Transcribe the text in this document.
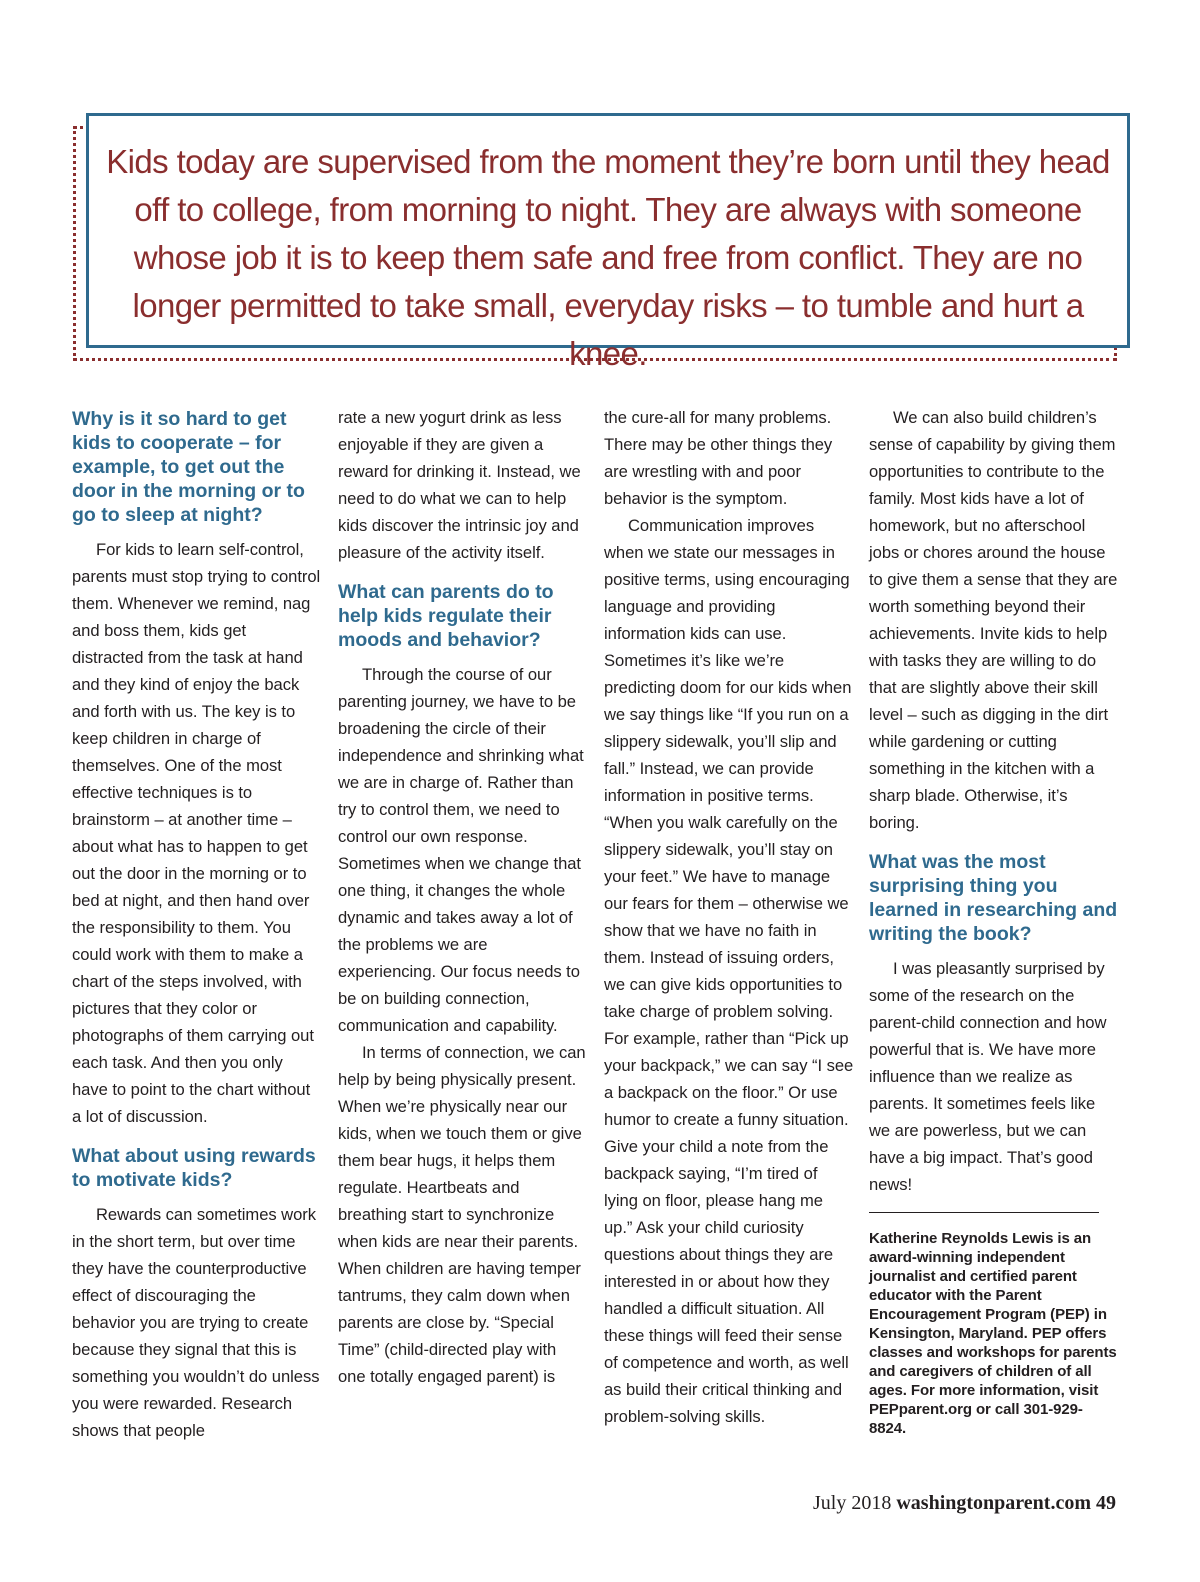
Kids today are supervised from the moment they’re born until they head off to college, from morning to night. They are always with someone whose job it is to keep them safe and free from conflict. They are no longer permitted to take small, everyday risks – to tumble and hurt a knee.

Why is it so hard to get kids to cooperate – for example, to get out the door in the morning or to go to sleep at night?

For kids to learn self-control, parents must stop trying to control them. Whenever we remind, nag and boss them, kids get distracted from the task at hand and they kind of enjoy the back and forth with us. The key is to keep children in charge of themselves. One of the most effective techniques is to brainstorm – at another time – about what has to happen to get out the door in the morning or to bed at night, and then hand over the responsibility to them. You could work with them to make a chart of the steps involved, with pictures that they color or photographs of them carrying out each task. And then you only have to point to the chart without a lot of discussion.

What about using rewards to motivate kids?

Rewards can sometimes work in the short term, but over time they have the counterproductive effect of discouraging the behavior you are trying to create because they signal that this is something you wouldn’t do unless you were rewarded. Research shows that people

rate a new yogurt drink as less enjoyable if they are given a reward for drinking it. Instead, we need to do what we can to help kids discover the intrinsic joy and pleasure of the activity itself.

What can parents do to help kids regulate their moods and behavior?

Through the course of our parenting journey, we have to be broadening the circle of their independence and shrinking what we are in charge of. Rather than try to control them, we need to control our own response. Sometimes when we change that one thing, it changes the whole dynamic and takes away a lot of the problems we are experiencing. Our focus needs to be on building connection, communication and capability.

In terms of connection, we can help by being physically present. When we’re physically near our kids, when we touch them or give them bear hugs, it helps them regulate. Heartbeats and breathing start to synchronize when kids are near their parents. When children are having temper tantrums, they calm down when parents are close by. “Special Time” (child-directed play with one totally engaged parent) is

the cure-all for many problems. There may be other things they are wrestling with and poor behavior is the symptom.

Communication improves when we state our messages in positive terms, using encouraging language and providing information kids can use. Sometimes it’s like we’re predicting doom for our kids when we say things like “If you run on a slippery sidewalk, you’ll slip and fall.” Instead, we can provide information in positive terms. “When you walk carefully on the slippery sidewalk, you’ll stay on your feet.” We have to manage our fears for them – otherwise we show that we have no faith in them. Instead of issuing orders, we can give kids opportunities to take charge of problem solving. For example, rather than “Pick up your backpack,” we can say “I see a backpack on the floor.” Or use humor to create a funny situation. Give your child a note from the backpack saying, “I’m tired of lying on floor, please hang me up.” Ask your child curiosity questions about things they are interested in or about how they handled a difficult situation. All these things will feed their sense of competence and worth, as well as build their critical thinking and problem-solving skills.

We can also build children’s sense of capability by giving them opportunities to contribute to the family. Most kids have a lot of homework, but no afterschool jobs or chores around the house to give them a sense that they are worth something beyond their achievements. Invite kids to help with tasks they are willing to do that are slightly above their skill level – such as digging in the dirt while gardening or cutting something in the kitchen with a sharp blade. Otherwise, it’s boring.

What was the most surprising thing you learned in researching and writing the book?

I was pleasantly surprised by some of the research on the parent-child connection and how powerful that is. We have more influence than we realize as parents. It sometimes feels like we are powerless, but we can have a big impact. That’s good news!

Katherine Reynolds Lewis is an award-winning independent journalist and certified parent educator with the Parent Encouragement Program (PEP) in Kensington, Maryland. PEP offers classes and workshops for parents and caregivers of children of all ages. For more information, visit PEPparent.org or call 301-929-8824.

July 2018 washingtonparent.com 49
